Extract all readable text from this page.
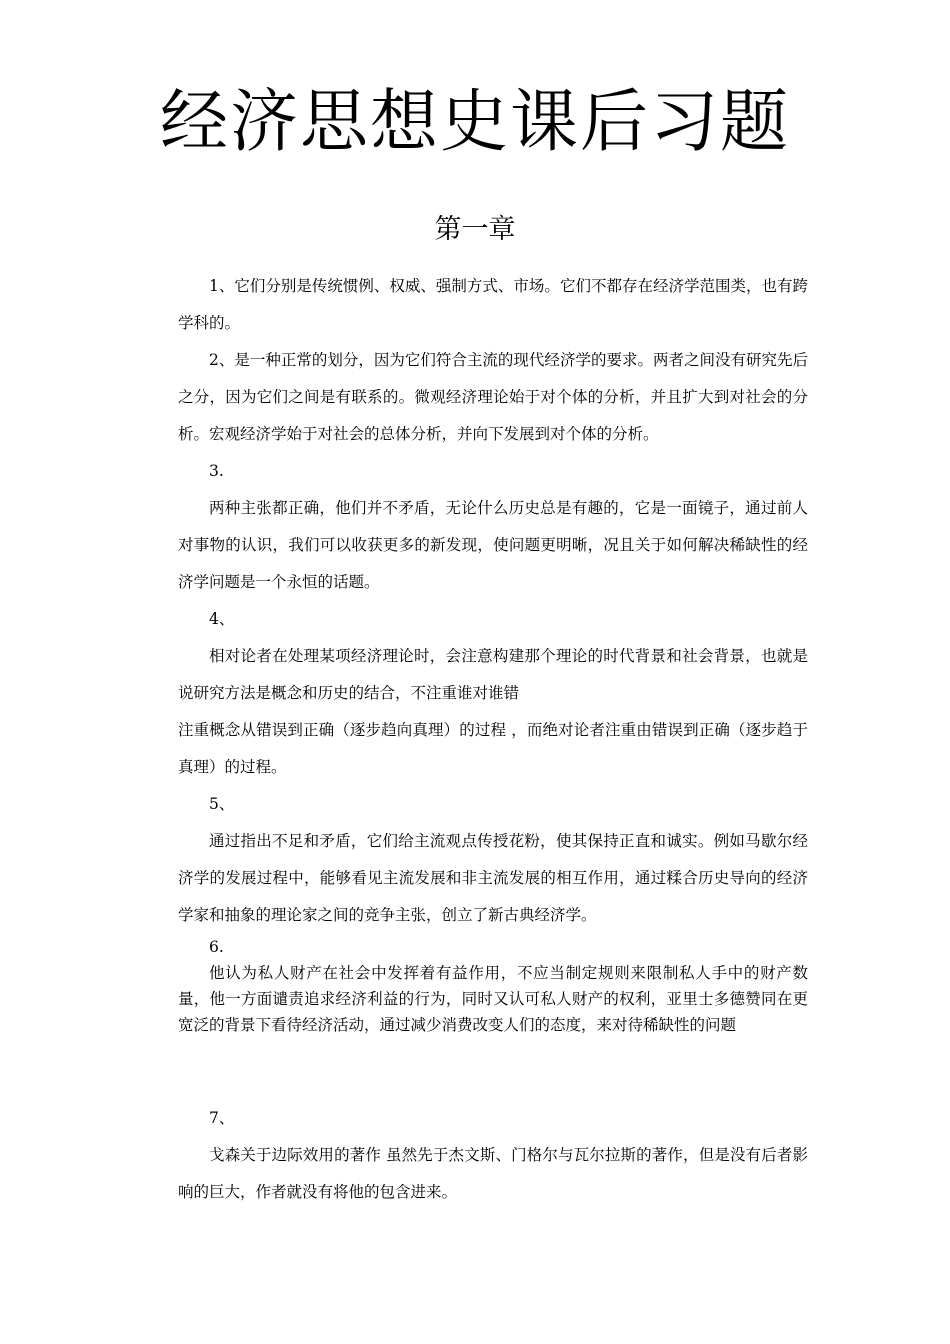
经济思想史课后习题
第一章

1、它们分别是传统惯例、权威、强制方式、市场。它们不都存在经济学范围类，也有跨学科的。

2、是一种正常的划分，因为它们符合主流的现代经济学的要求。两者之间没有研究先后之分，因为它们之间是有联系的。微观经济理论始于对个体的分析，并且扩大到对社会的分析。宏观经济学始于对社会的总体分析，并向下发展到对个体的分析。

3.

两种主张都正确，他们并不矛盾，无论什么历史总是有趣的，它是一面镜子，通过前人对事物的认识，我们可以收获更多的新发现，使问题更明晰，况且关于如何解决稀缺性的经济学问题是一个永恒的话题。

4、

相对论者在处理某项经济理论时，会注意构建那个理论的时代背景和社会背景，也就是说研究方法是概念和历史的结合，不注重谁对谁错

注重概念从错误到正确（逐步趋向真理）的过程 ，而绝对论者注重由错误到正确（逐步趋于真理）的过程。

5、

通过指出不足和矛盾，它们给主流观点传授花粉，使其保持正直和诚实。例如马歇尔经济学的发展过程中，能够看见主流发展和非主流发展的相互作用，通过糅合历史导向的经济学家和抽象的理论家之间的竞争主张，创立了新古典经济学。

6.

他认为私人财产在社会中发挥着有益作用，不应当制定规则来限制私人手中的财产数量，他一方面谴责追求经济利益的行为，同时又认可私人财产的权利，亚里士多德赞同在更宽泛的背景下看待经济活动，通过减少消费改变人们的态度，来对待稀缺性的问题

7、

戈森关于边际效用的著作 虽然先于杰文斯、门格尔与瓦尔拉斯的著作，但是没有后者影响的巨大，作者就没有将他的包含进来。
